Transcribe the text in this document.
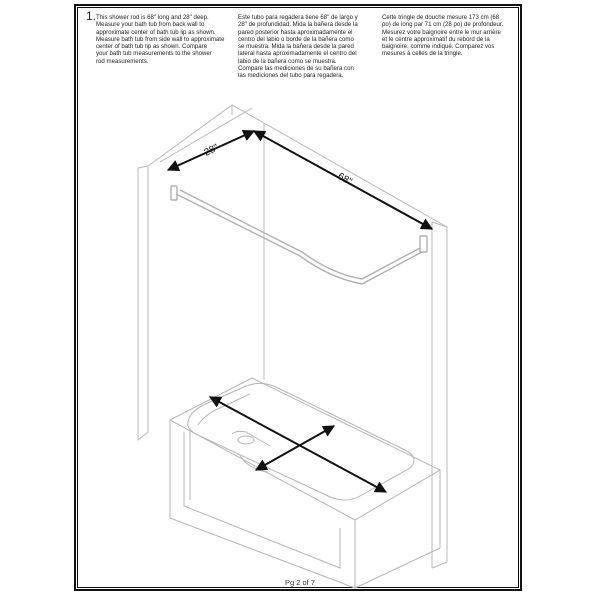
1. This shower rod is 68" long and 28" deep.
Measure your bath tub from back wall to
approximate center of bath tub lip as shown.
Measure bath tub from side wall to approximate
center of bath tub lip as shown. Compare
your bath tub measurements to the shower
rod measurements.

Este tubo para regadera tiene 68" de largo y
28" de profundidad. Mida la bañera desde la
pared posterior hasta aproximadamente el
centro del labio o borde de la bañera como
se muestra. Mida la bañera desde la pared
lateral hasta aproximadamente el centro del
labio de la bañera como se muestra.
Compare las mediciones de su bañera con
las mediciones del tubo para regadera.

Cette tringle de douche mesure 173 cm (68
po) de long par 71 cm (28 po) de profondeur.
Mesurez votre baignoire entre le mur arrière
et le centre approximatif du rebord de la
baignoire, comme indiqué. Comparez vos
mesures à celles de la tringle.

28"
68"
Pg 2 of 7
